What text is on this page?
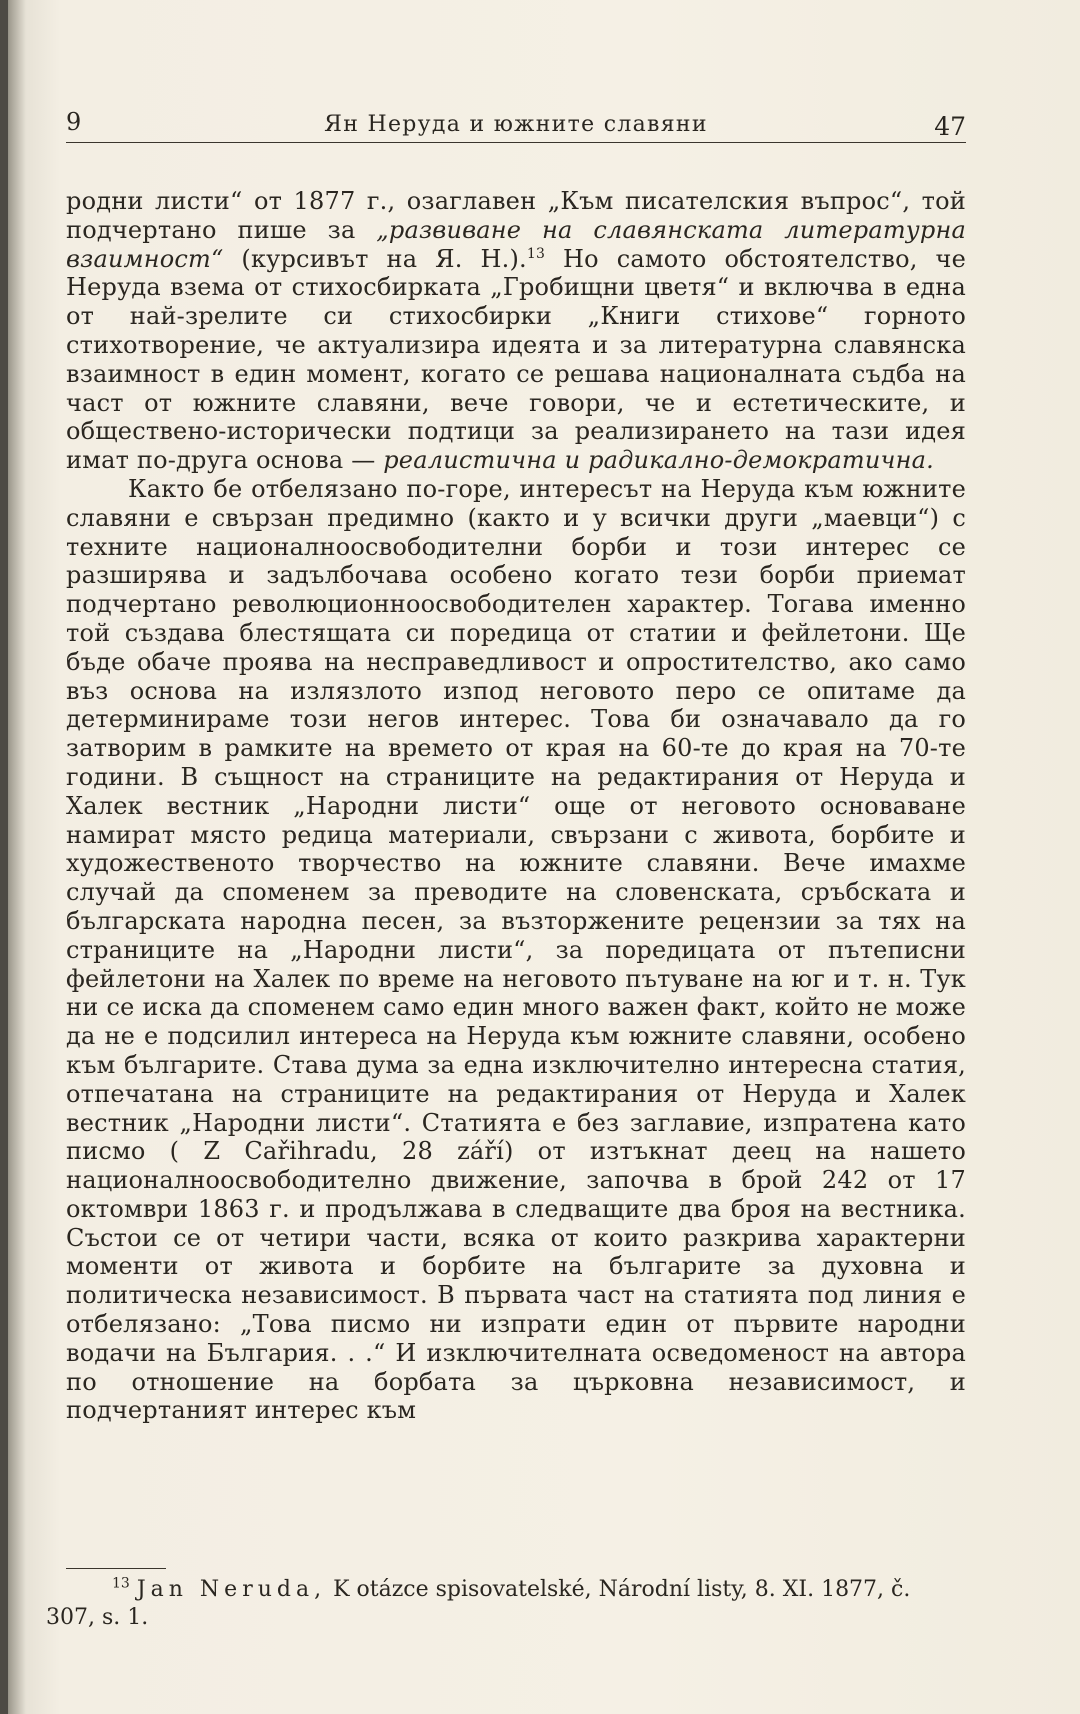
9	Ян Неруда и южните славяни	47

родни листи“ от 1877 г., озаглавен „Към писателския въпрос“, той подчертано пише за „развиване на славянската литературна взаимност“ (курсивът на Я. Н.).$^{13}$ Но самото обстоятелство, че Неруда взема от стихосбирката „Гробищни цветя“ и включва в една от най-зрелите си стихосбирки „Книги стихове“ горното стихотворение, че актуализира идеята и за литературна славянска взаимност в един момент, когато се решава националната съдба на част от южните славяни, вече говори, че и естетическите, и обществено-исторически подтици за реализирането на тази идея имат по-друга основа — реалистична и радикално-демократична.

Както бе отбелязано по-горе, интересът на Неруда към южните славяни е свързан предимно (както и у всички други „маевци“) с техните националноосвободителни борби и този интерес се разширява и задълбочава особено когато тези борби приемат подчертано революционноосвободителен характер. Тогава именно той създава блестящата си поредица от статии и фейлетони. Ще бъде обаче проява на несправедливост и опростителство, ако само въз основа на излязлото изпод неговото перо се опитаме да детерминираме този негов интерес. Това би означавало да го затворим в рамките на времето от края на 60-те до края на 70-те години. В същност на страниците на редактирания от Неруда и Халек вестник „Народни листи“ още от неговото основаване намират място редица материали, свързани с живота, борбите и художественото творчество на южните славяни. Вече имахме случай да споменем за преводите на словенската, сръбската и българската народна песен, за възторжените рецензии за тях на страниците на „Народни листи“, за поредицата от пътеписни фейлетони на Халек по време на неговото пътуване на юг и т. н. Тук ни се иска да споменем само един много важен факт, който не може да не е подсилил интереса на Неруда към южните славяни, особено към българите. Става дума за една изключително интересна статия, отпечатана на страниците на редактирания от Неруда и Халек вестник „Народни листи“. Статията е без заглавие, изпратена като писмо ( Z Cařihradu, 28 září) от изтъкнат деец на нашето националноосвободително движение, започва в брой 242 от 17 октомври 1863 г. и продължава в следващите два броя на вестника. Състои се от четири части, всяка от които разкрива характерни моменти от живота и борбите на българите за духовна и политическа независимост. В първата част на статията под линия е отбелязано: „Това писмо ни изпрати един от първите народни водачи на България. . .“ И изключителната осведоменост на автора по отношение на борбата за църковна независимост, и подчертаният интерес към

$^{13}$ Jan Neruda, K otázce spisovatelské, Národní listy, 8. XI. 1877, č. 307, s. 1.
